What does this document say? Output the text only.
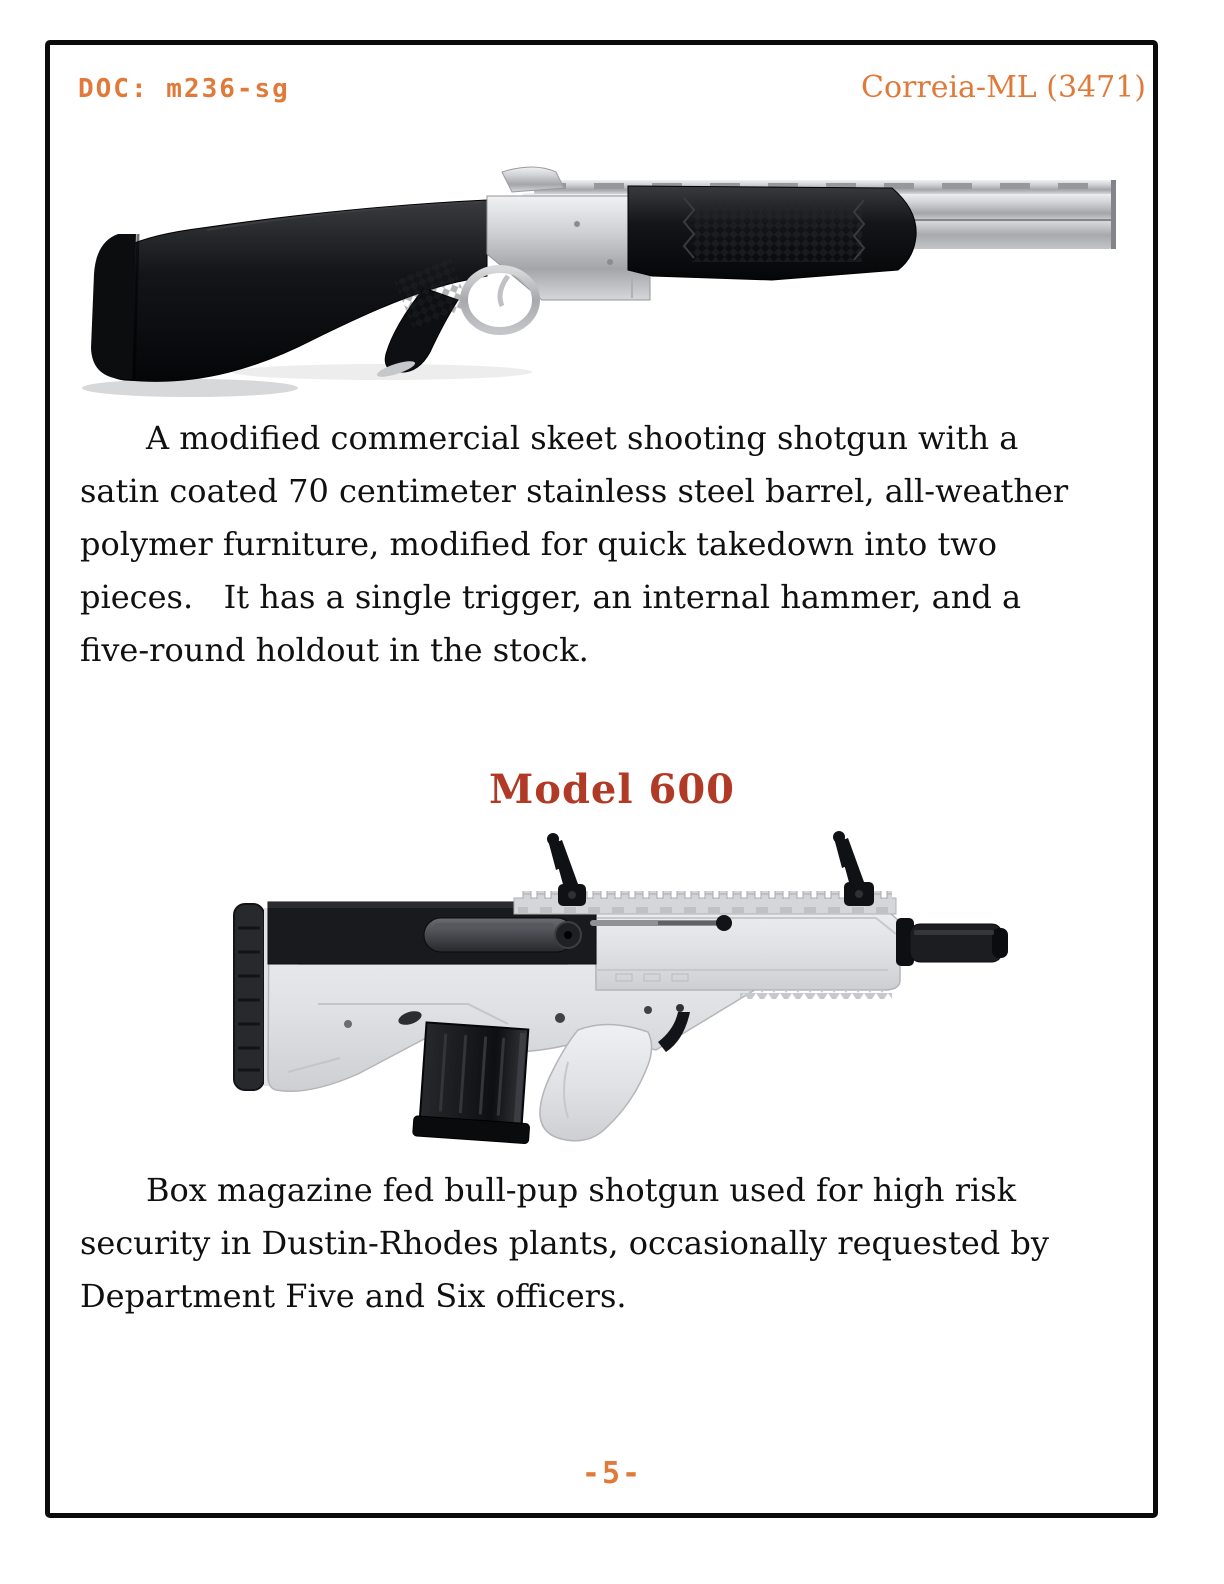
DOC: m236-sg	Correia-ML (3471)
A modified commercial skeet shooting shotgun with a
satin coated 70 centimeter stainless steel barrel, all-weather
polymer furniture, modified for quick takedown into two
pieces.   It has a single trigger, an internal hammer, and a
five-round holdout in the stock.
Model 600
Box magazine fed bull-pup shotgun used for high risk
security in Dustin-Rhodes plants, occasionally requested by
Department Five and Six officers.
-5-
